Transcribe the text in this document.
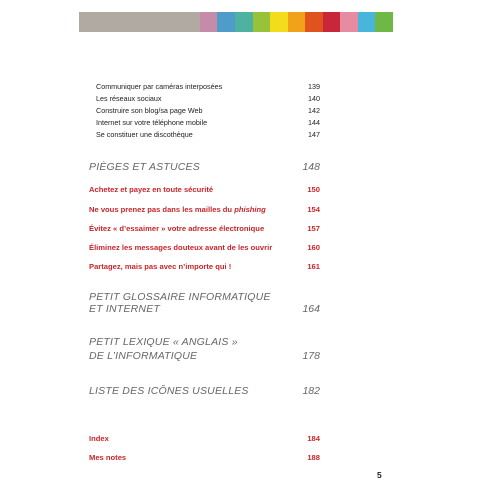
Communiquer par caméras interposées	139
Les réseaux sociaux	140
Construire son blog/sa page Web	142
Internet sur votre téléphone mobile	144
Se constituer une discothèque	147
PIÈGES ET ASTUCES	148
Achetez et payez en toute sécurité	150
Ne vous prenez pas dans les mailles du phishing	154
Évitez « d’essaimer » votre adresse électronique	157
Éliminez les messages douteux avant de les ouvrir	160
Partagez, mais pas avec n’importe qui !	161
PETIT GLOSSAIRE INFORMATIQUE
ET INTERNET	164
PETIT LEXIQUE « ANGLAIS »
DE L’INFORMATIQUE	178
LISTE DES ICÔNES USUELLES	182
Index	184
Mes notes	188
5
